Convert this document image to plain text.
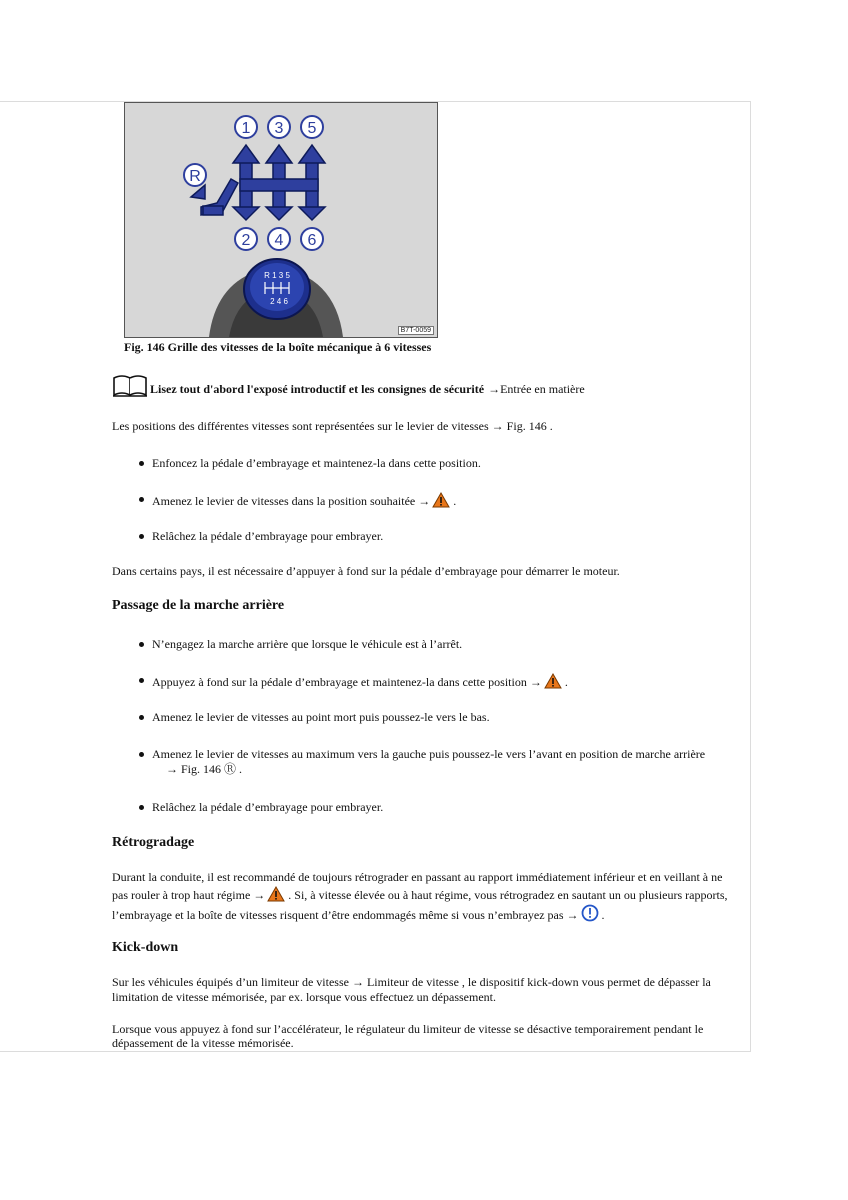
1 3 5
R
2 4 6
R 1 3 5
2 4 6
B7T-0059
Fig. 146 Grille des vitesses de la boîte mécanique à 6 vitesses
Lisez tout d'abord l'exposé introductif et les consignes de sécurité → Entrée en matière
Les positions des différentes vitesses sont représentées sur le levier de vitesses → Fig. 146 .
Enfoncez la pédale d’embrayage et maintenez-la dans cette position.
Amenez le levier de vitesses dans la position souhaitée → .
Relâchez la pédale d’embrayage pour embrayer.
Dans certains pays, il est nécessaire d’appuyer à fond sur la pédale d’embrayage pour démarrer le moteur.
Passage de la marche arrière
N’engagez la marche arrière que lorsque le véhicule est à l’arrêt.
Appuyez à fond sur la pédale d’embrayage et maintenez-la dans cette position → .
Amenez le levier de vitesses au point mort puis poussez-le vers le bas.
Amenez le levier de vitesses au maximum vers la gauche puis poussez-le vers l’avant en position de marche arrière
→ Fig. 146 Ⓡ .
Relâchez la pédale d’embrayage pour embrayer.
Rétrogradage
Durant la conduite, il est recommandé de toujours rétrograder en passant au rapport immédiatement inférieur et en veillant à ne
pas rouler à trop haut régime → . Si, à vitesse élevée ou à haut régime, vous rétrogradez en sautant un ou plusieurs rapports,
l’embrayage et la boîte de vitesses risquent d’être endommagés même si vous n’embrayez pas → .
Kick-down
Sur les véhicules équipés d’un limiteur de vitesse → Limiteur de vitesse , le dispositif kick-down vous permet de dépasser la
limitation de vitesse mémorisée, par ex. lorsque vous effectuez un dépassement.
Lorsque vous appuyez à fond sur l’accélérateur, le régulateur du limiteur de vitesse se désactive temporairement pendant le
dépassement de la vitesse mémorisée.
